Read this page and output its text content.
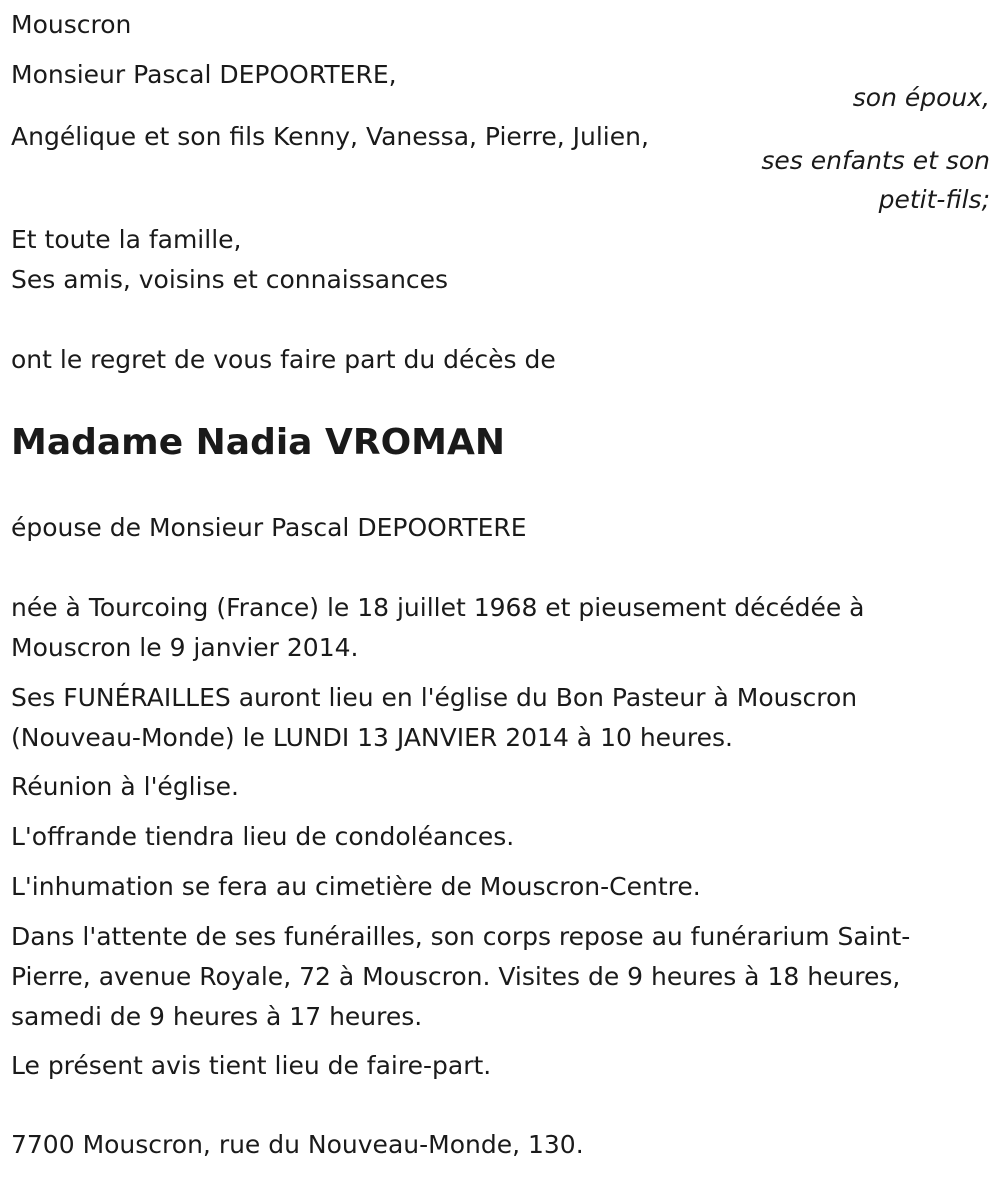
Mouscron
Monsieur Pascal DEPOORTERE,
son époux,
Angélique et son fils Kenny, Vanessa, Pierre, Julien,
ses enfants et son
petit-fils;
Et toute la famille,
Ses amis, voisins et connaissances
ont le regret de vous faire part du décès de
Madame Nadia VROMAN
épouse de Monsieur Pascal DEPOORTERE
née à Tourcoing (France) le 18 juillet 1968 et pieusement décédée à Mouscron le 9 janvier 2014.
Ses FUNÉRAILLES auront lieu en l'église du Bon Pasteur à Mouscron (Nouveau-Monde) le LUNDI 13 JANVIER 2014 à 10 heures.
Réunion à l'église.
L'offrande tiendra lieu de condoléances.
L'inhumation se fera au cimetière de Mouscron-Centre.
Dans l'attente de ses funérailles, son corps repose au funérarium Saint-Pierre, avenue Royale, 72 à Mouscron. Visites de 9 heures à 18 heures, samedi de 9 heures à 17 heures.
Le présent avis tient lieu de faire-part.
7700 Mouscron, rue du Nouveau-Monde, 130.
